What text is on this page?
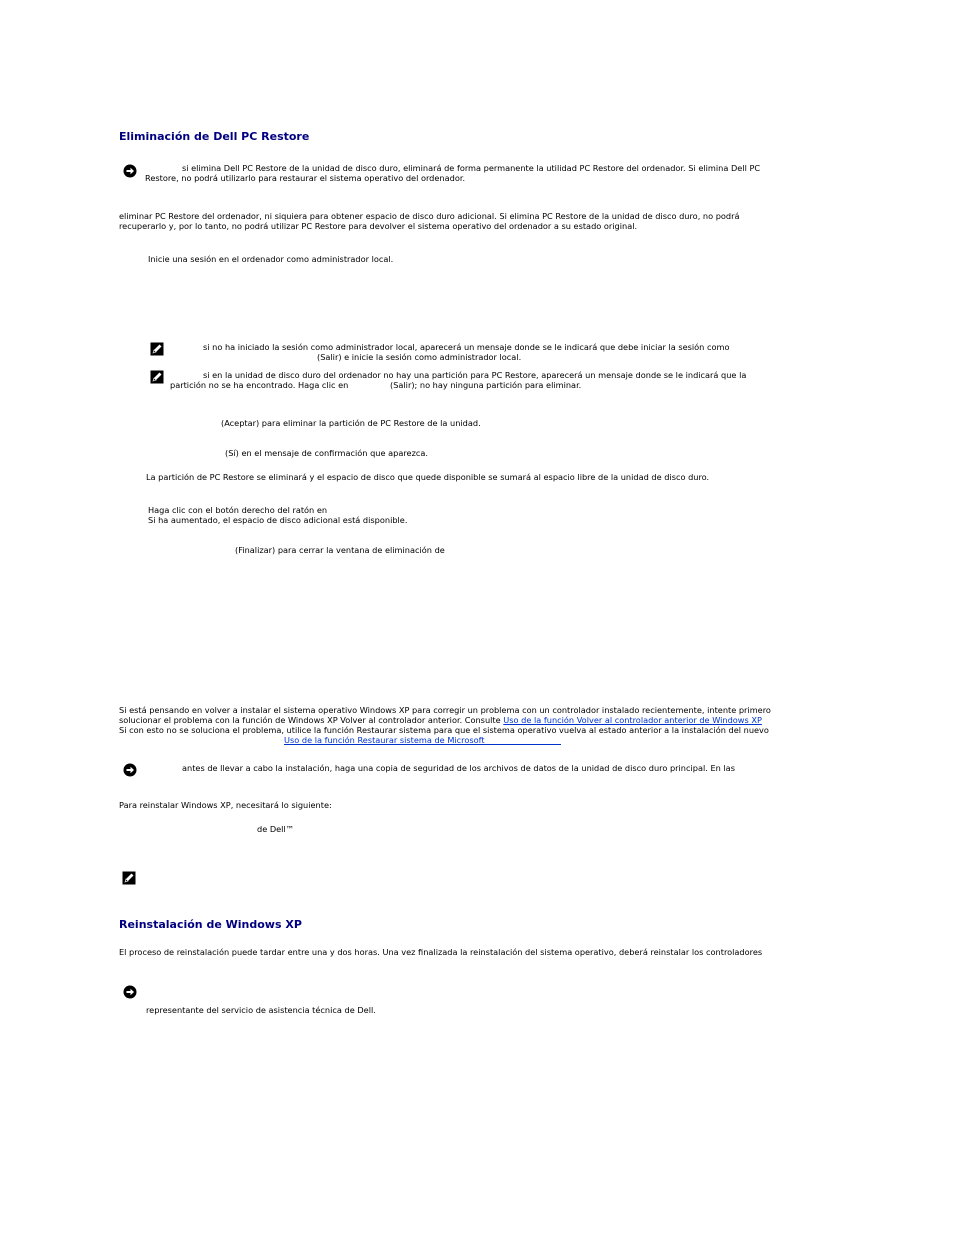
Eliminación de Dell PC Restore
si elimina Dell PC Restore de la unidad de disco duro, eliminará de forma permanente la utilidad PC Restore del ordenador. Si elimina Dell PC
Restore, no podrá utilizarlo para restaurar el sistema operativo del ordenador.
eliminar PC Restore del ordenador, ni siquiera para obtener espacio de disco duro adicional. Si elimina PC Restore de la unidad de disco duro, no podrá
recuperarlo y, por lo tanto, no podrá utilizar PC Restore para devolver el sistema operativo del ordenador a su estado original.
Inicie una sesión en el ordenador como administrador local.
si no ha iniciado la sesión como administrador local, aparecerá un mensaje donde se le indicará que debe iniciar la sesión como
(Salir) e inicie la sesión como administrador local.
si en la unidad de disco duro del ordenador no hay una partición para PC Restore, aparecerá un mensaje donde se le indicará que la
partición no se ha encontrado. Haga clic en	(Salir); no hay ninguna partición para eliminar.
(Aceptar) para eliminar la partición de PC Restore de la unidad.
(Sí) en el mensaje de confirmación que aparezca.
La partición de PC Restore se eliminará y el espacio de disco que quede disponible se sumará al espacio libre de la unidad de disco duro.
Haga clic con el botón derecho del ratón en
Si ha aumentado, el espacio de disco adicional está disponible.
(Finalizar) para cerrar la ventana de eliminación de
Si está pensando en volver a instalar el sistema operativo Windows XP para corregir un problema con un controlador instalado recientemente, intente primero
solucionar el problema con la función de Windows XP Volver al controlador anterior. Consulte Uso de la función Volver al controlador anterior de Windows XP
Si con esto no se soluciona el problema, utilice la función Restaurar sistema para que el sistema operativo vuelva al estado anterior a la instalación del nuevo
Uso de la función Restaurar sistema de Microsoft
antes de llevar a cabo la instalación, haga una copia de seguridad de los archivos de datos de la unidad de disco duro principal. En las
Para reinstalar Windows XP, necesitará lo siguiente:
de Dell™
Reinstalación de Windows XP
El proceso de reinstalación puede tardar entre una y dos horas. Una vez finalizada la reinstalación del sistema operativo, deberá reinstalar los controladores
representante del servicio de asistencia técnica de Dell.
